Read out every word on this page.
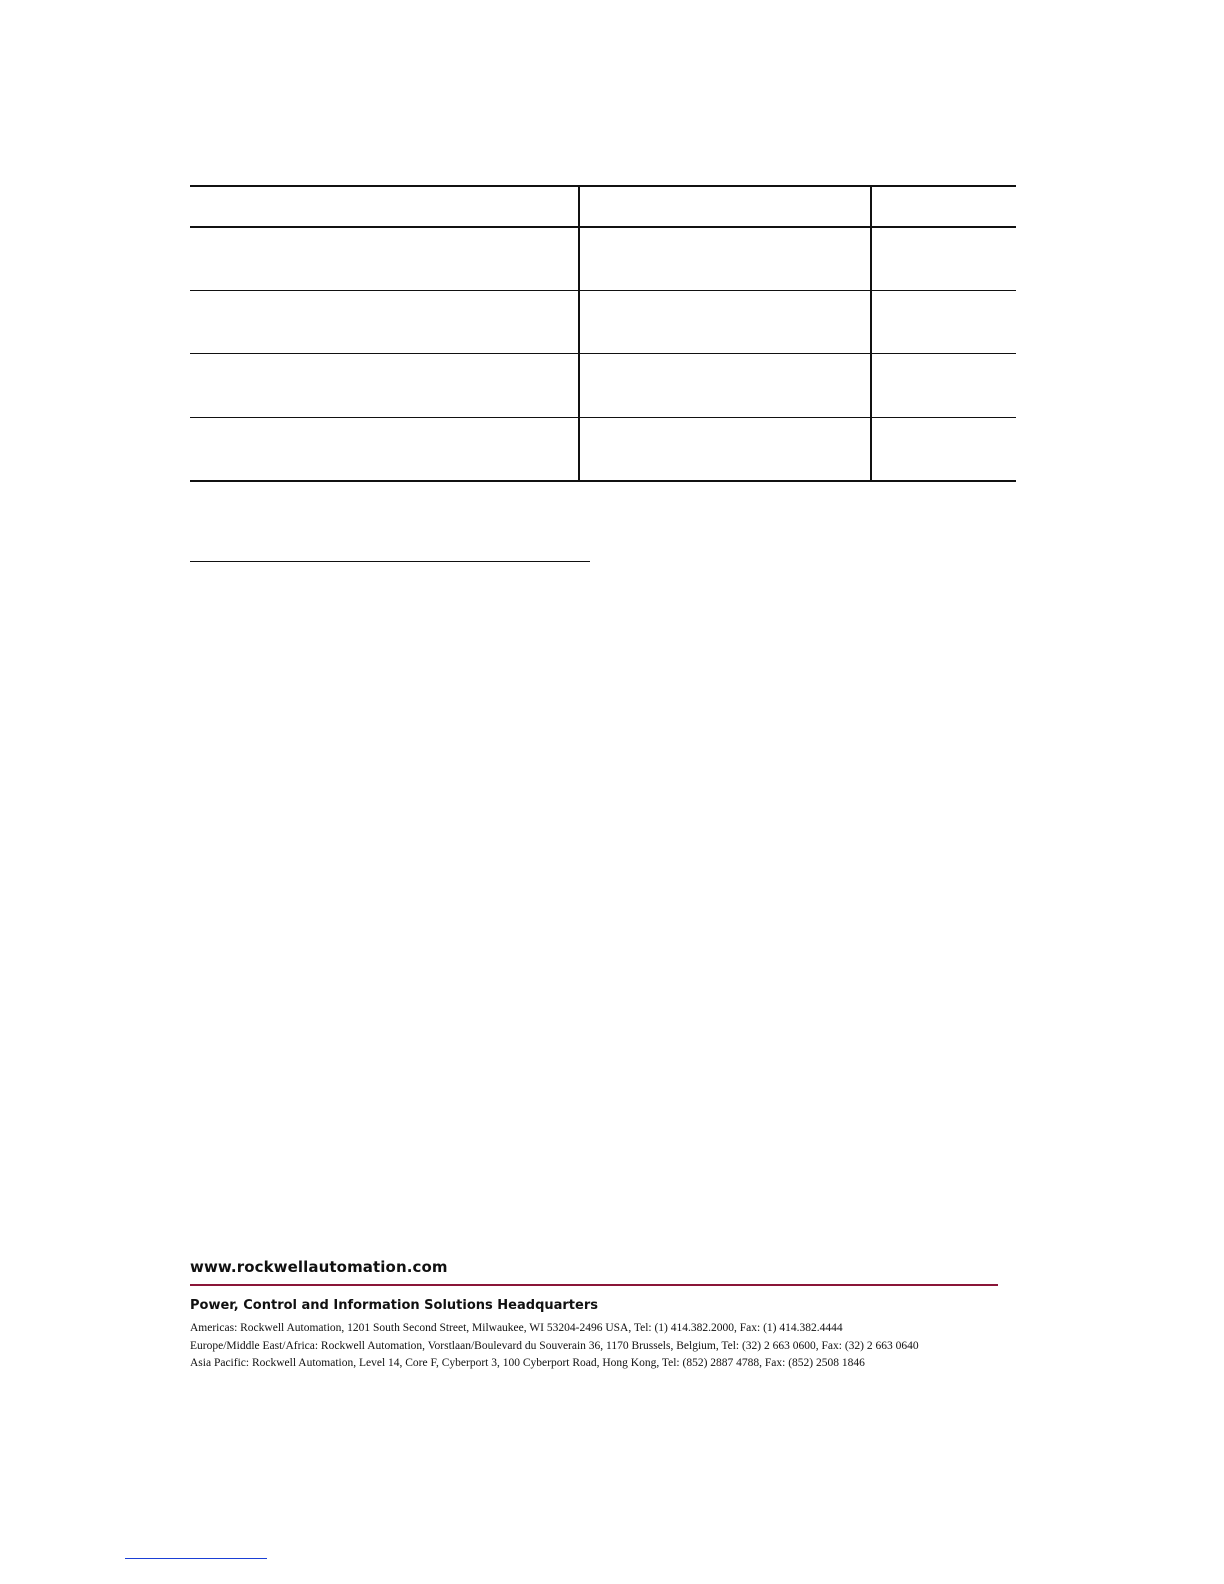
www.rockwellautomation.com

Power, Control and Information Solutions Headquarters

Americas: Rockwell Automation, 1201 South Second Street, Milwaukee, WI 53204-2496 USA, Tel: (1) 414.382.2000, Fax: (1) 414.382.4444
Europe/Middle East/Africa: Rockwell Automation, Vorstlaan/Boulevard du Souverain 36, 1170 Brussels, Belgium, Tel: (32) 2 663 0600, Fax: (32) 2 663 0640
Asia Pacific: Rockwell Automation, Level 14, Core F, Cyberport 3, 100 Cyberport Road, Hong Kong, Tel: (852) 2887 4788, Fax: (852) 2508 1846
